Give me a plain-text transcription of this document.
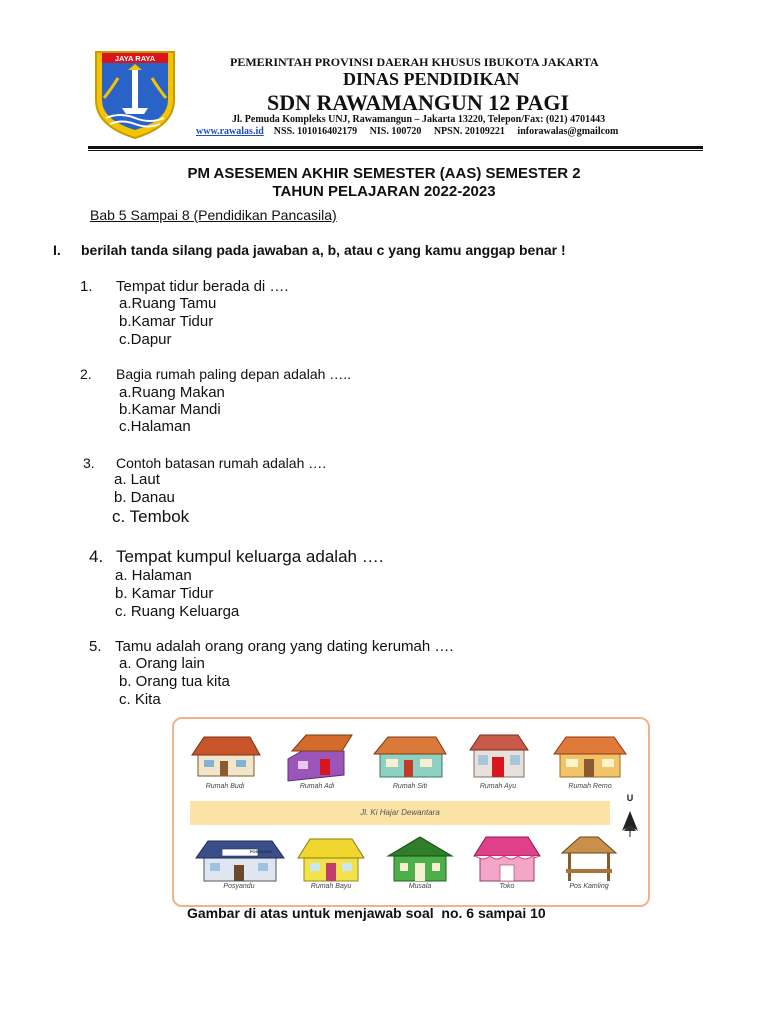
JAYA RAYA	PEMERINTAH PROVINSI DAERAH KHUSUS IBUKOTA JAKARTA
DINAS PENDIDIKAN
SDN RAWAMANGUN 12 PAGI
Jl. Pemuda Kompleks UNJ, Rawamangun – Jakarta 13220, Telepon/Fax: (021) 4701443
www.rawalas.id NSS. 101016402179     NIS. 100720     NPSN. 20109221     inforawalas@gmailcom
PM ASESEMEN AKHIR SEMESTER (AAS) SEMESTER 2
TAHUN PELAJARAN 2022-2023
Bab 5 Sampai 8 (Pendidikan Pancasila)
I. berilah tanda silang pada jawaban a, b, atau c yang kamu anggap benar !
1. Tempat tidur berada di ….
a.Ruang Tamu
b.Kamar Tidur
c.Dapur
2. Bagia rumah paling depan adalah …..
a.Ruang Makan
b.Kamar Mandi
c.Halaman
3. Contoh batasan rumah adalah ….
a. Laut
b. Danau
c. Tembok
4. Tempat kumpul keluarga adalah ….
a. Halaman
b. Kamar Tidur
c. Ruang Keluarga
5. Tamu adalah orang orang yang dating kerumah ….
a. Orang lain
b. Orang tua kita
c. Kita
Rumah Budi	Rumah Adi	Rumah Siti	Rumah Ayu	Rumah Remo
Jl. Ki Hajar Dewantara
U
POSYANDU
Posyandu	Rumah Bayu	Musala	Toko	Pos Kamling
Gambar di atas untuk menjawab soal  no. 6 sampai 10
